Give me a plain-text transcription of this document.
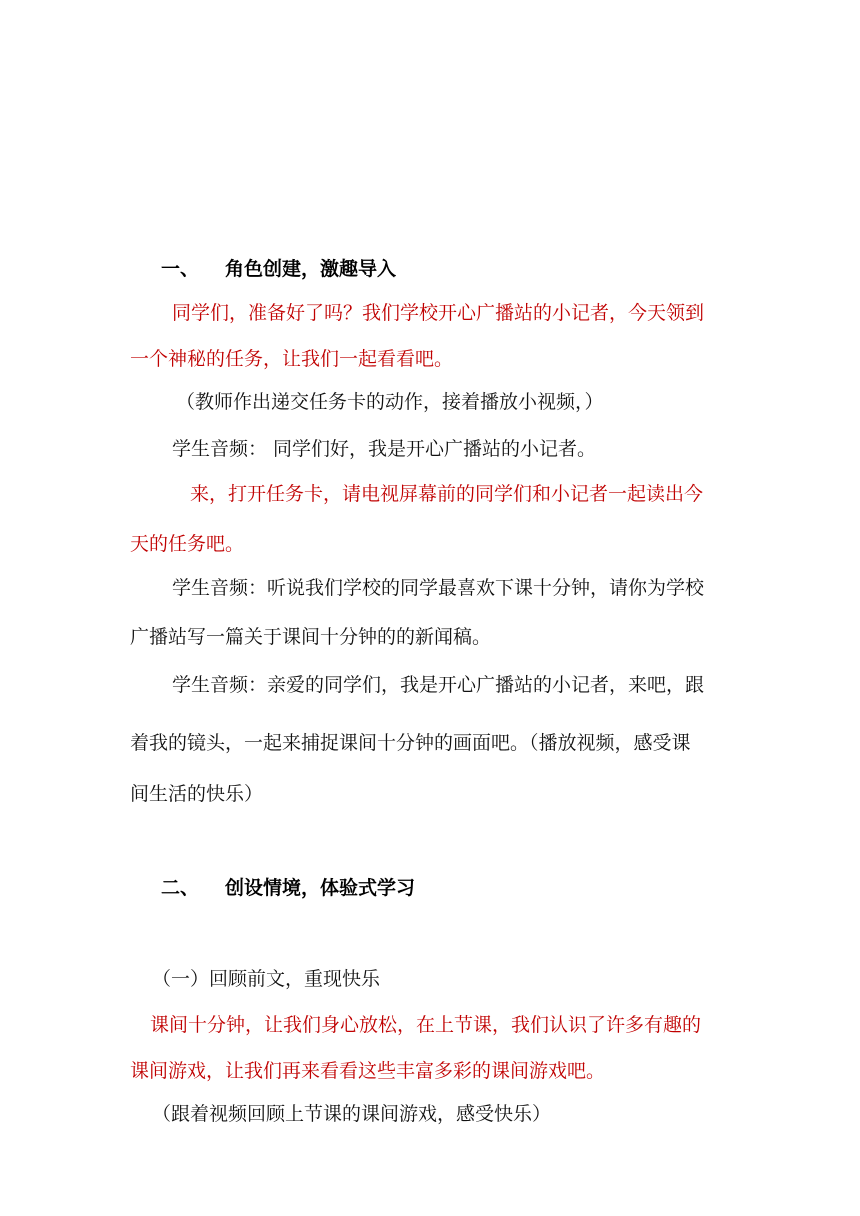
一、 角色创建，激趣导入
同学们，准备好了吗？我们学校开心广播站的小记者，今天领到
一个神秘的任务，让我们一起看看吧。
（教师作出递交任务卡的动作，接着播放小视频，）
学生音频： 同学们好，我是开心广播站的小记者。
来，打开任务卡，请电视屏幕前的同学们和小记者一起读出今
天的任务吧。
学生音频：听说我们学校的同学最喜欢下课十分钟，请你为学校
广播站写一篇关于课间十分钟的的新闻稿。
学生音频：亲爱的同学们，我是开心广播站的小记者，来吧，跟
着我的镜头，一起来捕捉课间十分钟的画面吧。（播放视频，感受课
间生活的快乐）
二、 创设情境，体验式学习
（一）回顾前文，重现快乐
课间十分钟，让我们身心放松，在上节课，我们认识了许多有趣的
课间游戏，让我们再来看看这些丰富多彩的课间游戏吧。
（跟着视频回顾上节课的课间游戏，感受快乐）
